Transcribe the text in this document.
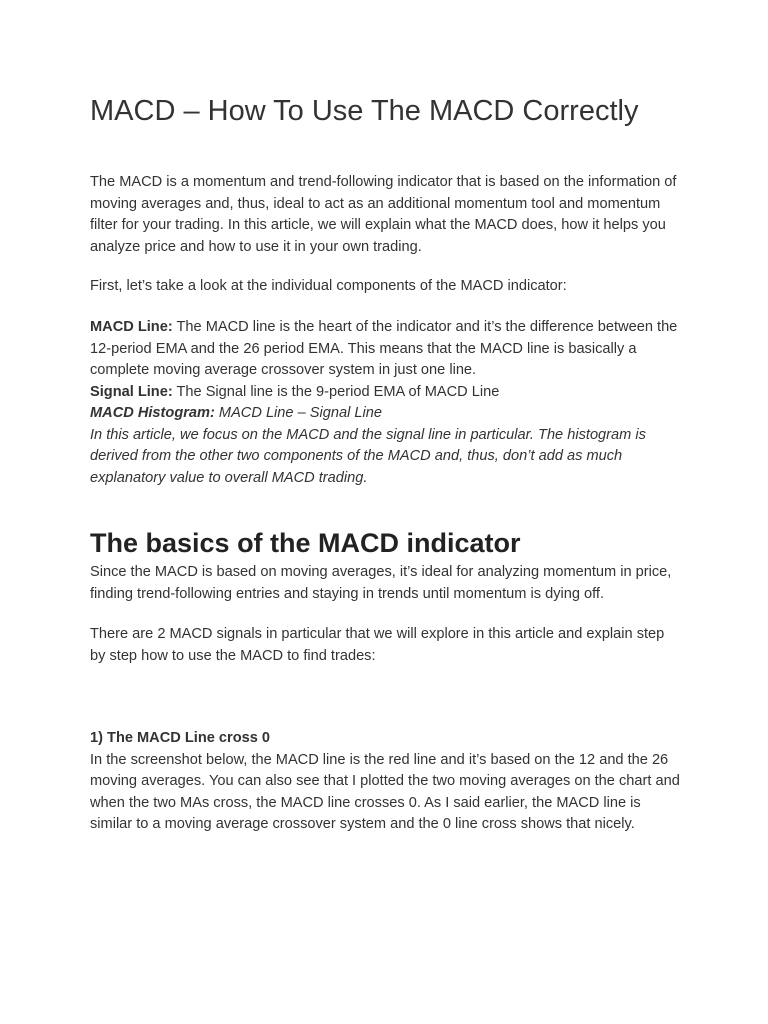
MACD – How To Use The MACD Correctly

The MACD is a momentum and trend-following indicator that is based on the information of moving averages and, thus, ideal to act as an additional momentum tool and momentum filter for your trading. In this article, we will explain what the MACD does, how it helps you analyze price and how to use it in your own trading.

First, let’s take a look at the individual components of the MACD indicator:

MACD Line: The MACD line is the heart of the indicator and it’s the difference between the 12-period EMA and the 26 period EMA. This means that the MACD line is basically a complete moving average crossover system in just one line.

Signal Line: The Signal line is the 9-period EMA of MACD Line

MACD Histogram: MACD Line – Signal Line

In this article, we focus on the MACD and the signal line in particular. The histogram is derived from the other two components of the MACD and, thus, don’t add as much explanatory value to overall MACD trading.

The basics of the MACD indicator

Since the MACD is based on moving averages, it’s ideal for analyzing momentum in price, finding trend-following entries and staying in trends until momentum is dying off.

There are 2 MACD signals in particular that we will explore in this article and explain step by step how to use the MACD to find trades:

1) The MACD Line cross 0

In the screenshot below, the MACD line is the red line and it’s based on the 12 and the 26 moving averages. You can also see that I plotted the two moving averages on the chart and when the two MAs cross, the MACD line crosses 0. As I said earlier, the MACD line is similar to a moving average crossover system and the 0 line cross shows that nicely.
